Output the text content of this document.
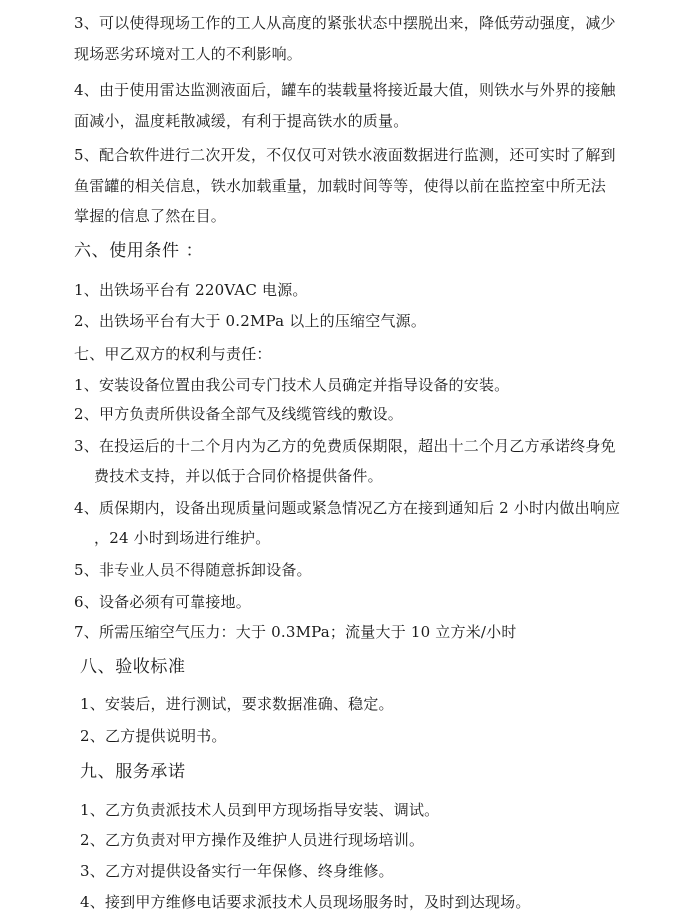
3、可以使得现场工作的工人从高度的紧张状态中摆脱出来，降低劳动强度，减少
现场恶劣环境对工人的不利影响。
4、由于使用雷达监测液面后，罐车的装载量将接近最大值，则铁水与外界的接触
面减小，温度耗散减缓，有利于提高铁水的质量。
5、配合软件进行二次开发，不仅仅可对铁水液面数据进行监测，还可实时了解到
鱼雷罐的相关信息，铁水加载重量，加载时间等等，使得以前在监控室中所无法
掌握的信息了然在目。
六、使用条件 ：
1、出铁场平台有 220VAC 电源。
2、出铁场平台有大于 0.2MPa 以上的压缩空气源。
七、甲乙双方的权利与责任：
1、安装设备位置由我公司专门技术人员确定并指导设备的安装。
2、甲方负责所供设备全部气及线缆管线的敷设。
3、在投运后的十二个月内为乙方的免费质保期限，超出十二个月乙方承诺终身免
费技术支持，并以低于合同价格提供备件。
4、质保期内，设备出现质量问题或紧急情况乙方在接到通知后 2 小时内做出响应
，24 小时到场进行维护。
5、非专业人员不得随意拆卸设备。
6、设备必须有可靠接地。
7、所需压缩空气压力：大于 0.3MPa；流量大于 10 立方米/小时
八、验收标准
1、安装后，进行测试，要求数据准确、稳定。
2、乙方提供说明书。
九、服务承诺
1、乙方负责派技术人员到甲方现场指导安装、调试。
2、乙方负责对甲方操作及维护人员进行现场培训。
3、乙方对提供设备实行一年保修、终身维修。
4、接到甲方维修电话要求派技术人员现场服务时，及时到达现场。
